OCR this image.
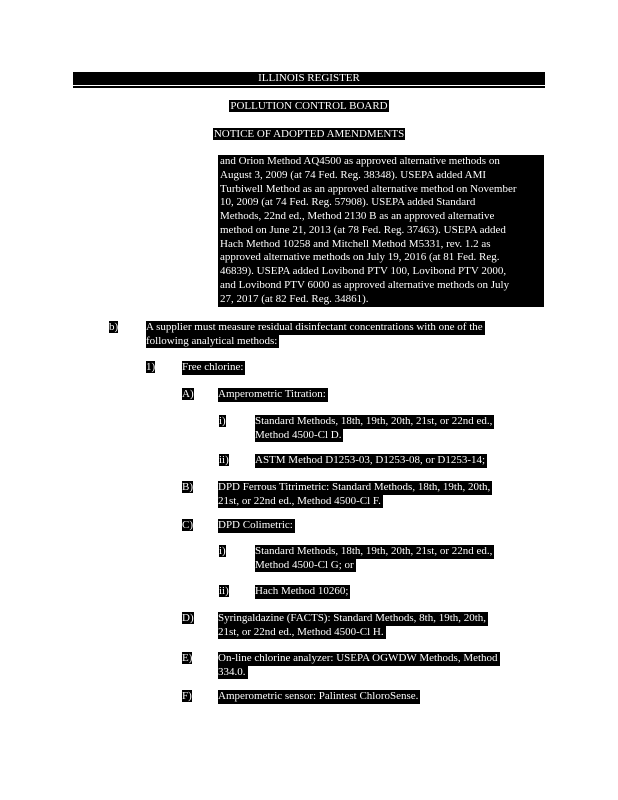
ILLINOIS REGISTER
POLLUTION CONTROL BOARD
NOTICE OF ADOPTED AMENDMENTS
and Orion Method AQ4500 as approved alternative methods on
August 3, 2009 (at 74 Fed. Reg. 38348). USEPA added AMI
Turbiwell Method as an approved alternative method on November
10, 2009 (at 74 Fed. Reg. 57908). USEPA added Standard
Methods, 22nd ed., Method 2130 B as an approved alternative
method on June 21, 2013 (at 78 Fed. Reg. 37463). USEPA added
Hach Method 10258 and Mitchell Method M5331, rev. 1.2 as
approved alternative methods on July 19, 2016 (at 81 Fed. Reg.
46839). USEPA added Lovibond PTV 100, Lovibond PTV 2000,
and Lovibond PTV 6000 as approved alternative methods on July
27, 2017 (at 82 Fed. Reg. 34861).
b)	A supplier must measure residual disinfectant concentrations with one of the
following analytical methods:
1) Free chlorine:
A) Amperometric Titration:
i)	Standard Methods, 18th, 19th, 20th, 21st, or 22nd ed.,
Method 4500-Cl D.
ii) ASTM Method D1253-03, D1253-08, or D1253-14;
B) DPD Ferrous Titrimetric: Standard Methods, 18th, 19th, 20th,
21st, or 22nd ed., Method 4500-Cl F.
C) DPD Colimetric:
i)	Standard Methods, 18th, 19th, 20th, 21st, or 22nd ed.,
Method 4500-Cl G; or
ii) Hach Method 10260;
D) Syringaldazine (FACTS): Standard Methods, 8th, 19th, 20th,
21st, or 22nd ed., Method 4500-Cl H.
E) On-line chlorine analyzer: USEPA OGWDW Methods, Method
334.0.
F) Amperometric sensor: Palintest ChloroSense.
